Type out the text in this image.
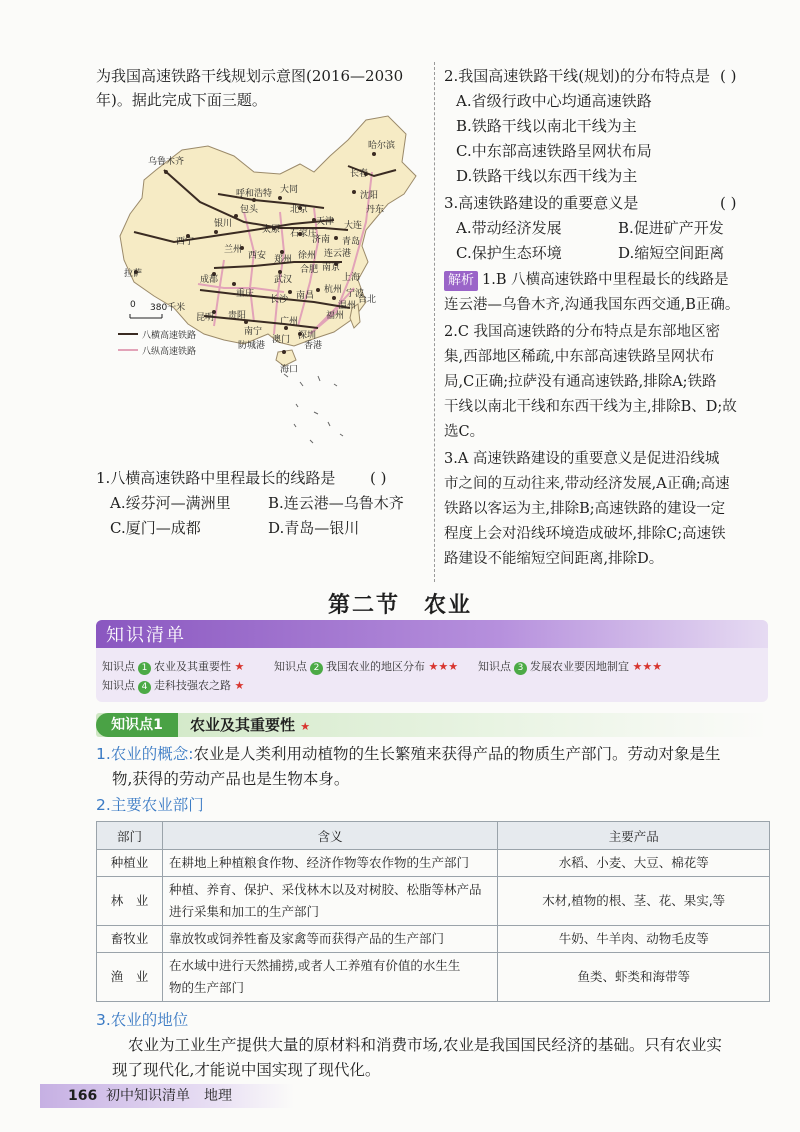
为我国高速铁路干线规划示意图(2016—2030
年)。据此完成下面三题。
乌鲁木齐
哈尔滨
长春
沈阳
呼和浩特 大同
北京
天津
丹东
大连
银川
包头
太原 石家庄
济南 青岛
西宁
兰州
西安 郑州 徐州 连云港
合肥 南京
上海
拉萨
成都
重庆
武汉
杭州 宁波
温州
贵阳
长沙 南昌
福州
台北
昆明
南宁
广州
深圳
香港
澳门
防城港
海口
0 380千米
八横高速铁路
八纵高速铁路
1.八横高速铁路中里程最长的线路是 ( )
A.绥芬河—满洲里 B.连云港—乌鲁木齐
C.厦门—成都	D.青岛—银川
2.我国高速铁路干线(规划)的分布特点是 ( )
A.省级行政中心均通高速铁路
B.铁路干线以南北干线为主
C.中东部高速铁路呈网状布局
D.铁路干线以东西干线为主
3.高速铁路建设的重要意义是	( )
A.带动经济发展	B.促进矿产开发
C.保护生态环境	D.缩短空间距离
解析 1.B 八横高速铁路中里程最长的线路是
连云港—乌鲁木齐,沟通我国东西交通,B正确。
2.C 我国高速铁路的分布特点是东部地区密
集,西部地区稀疏,中东部高速铁路呈网状布
局,C正确;拉萨没有通高速铁路,排除A;铁路
干线以南北干线和东西干线为主,排除B、D;故
选C。
3.A 高速铁路建设的重要意义是促进沿线城
市之间的互动往来,带动经济发展,A正确;高速
铁路以客运为主,排除B;高速铁路的建设一定
程度上会对沿线环境造成破坏,排除C;高速铁
路建设不能缩短空间距离,排除D。
第二节　农业
知识清单
知识点 1 农业及其重要性 ★	知识点 2 我国农业的地区分布 ★★★ 知识点 3 发展农业要因地制宜 ★★★
知识点 4 走科技强农之路 ★
知识点1	农业及其重要性 ★
1.农业的概念:农业是人类利用动植物的生长繁殖来获得产品的物质生产部门。劳动对象是生
物,获得的劳动产品也是生物本身。
2.主要农业部门
部门	含义	主要产品
种植业	在耕地上种植粮食作物、经济作物等农作物的生产部门	水稻、小麦、大豆、棉花等
林　业	种植、养育、保护、采伐林木以及对树胶、松脂等林产品
进行采集和加工的生产部门	木材,植物的根、茎、花、果实,等
畜牧业	靠放牧或饲养牲畜及家禽等而获得产品的生产部门	牛奶、牛羊肉、动物毛皮等
渔　业	在水域中进行天然捕捞,或者人工养殖有价值的水生生
物的生产部门	鱼类、虾类和海带等
3.农业的地位
农业为工业生产提供大量的原材料和消费市场,农业是我国国民经济的基础。只有农业实
现了现代化,才能说中国实现了现代化。
166 初中知识清单　地理
